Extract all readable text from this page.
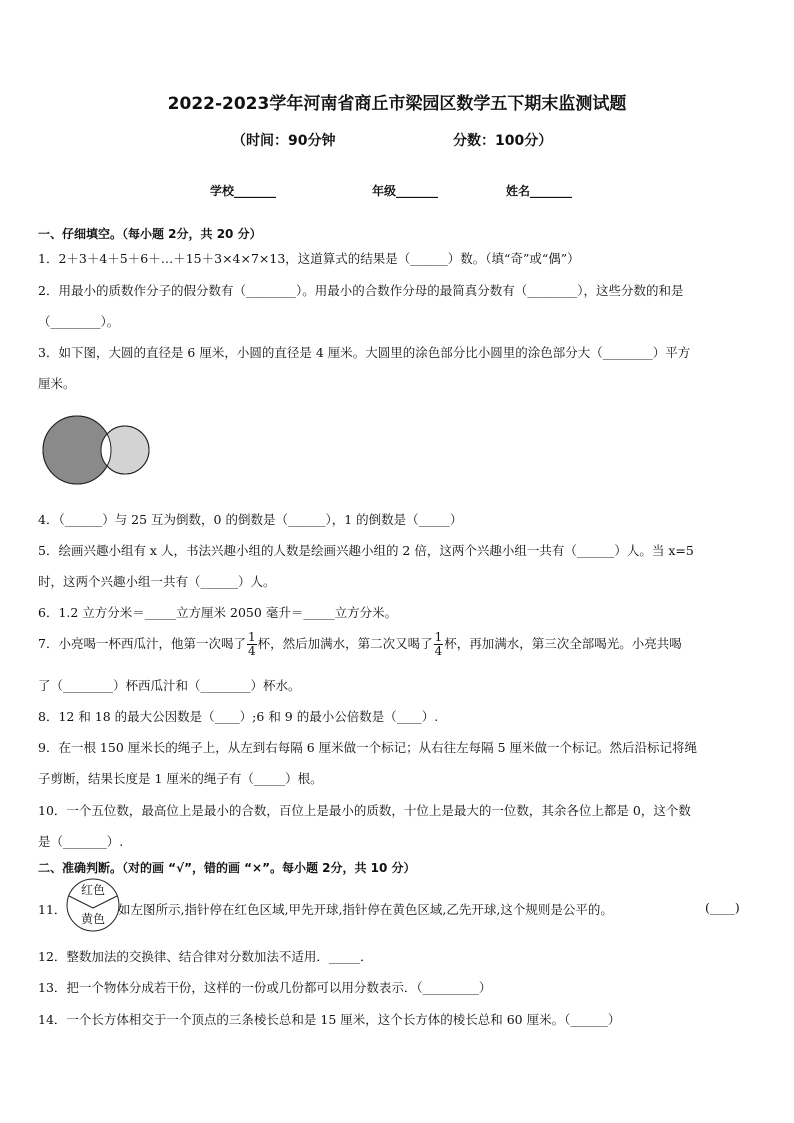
2022-2023学年河南省商丘市梁园区数学五下期末监测试题
（时间：90分钟	分数：100分）
学校_______	年级_______	姓名_______
一、仔细填空。（每小题 2分，共 20 分）
1．2＋3＋4＋5＋6＋…＋15＋3×4×7×13，这道算式的结果是（______）数。（填“奇”或“偶”）
2．用最小的质数作分子的假分数有（________）。用最小的合数作分母的最简真分数有（________），这些分数的和是
（________）。
3．如下图，大圆的直径是 6 厘米，小圆的直径是 4 厘米。大圆里的涂色部分比小圆里的涂色部分大（________）平方
厘米。
4．（______）与 25 互为倒数，0 的倒数是（______），1 的倒数是（_____）
5．绘画兴趣小组有 x 人，书法兴趣小组的人数是绘画兴趣小组的 2 倍，这两个兴趣小组一共有（______）人。当 x=5
时，这两个兴趣小组一共有（______）人。
6．1.2 立方分米＝_____立方厘米 2050 毫升＝_____立方分米。
7．小亮喝一杯西瓜汁，他第一次喝了 $\frac{1}{4}$ 杯，然后加满水，第二次又喝了 $\frac{1}{4}$ 杯，再加满水，第三次全部喝光。小亮共喝
了（________）杯西瓜汁和（________）杯水。
8．12 和 18 的最大公因数是（____）;6 和 9 的最小公倍数是（____）.
9．在一根 150 厘米长的绳子上，从左到右每隔 6 厘米做一个标记；从右往左每隔 5 厘米做一个标记。然后沿标记将绳
子剪断，结果长度是 1 厘米的绳子有（_____）根。
10．一个五位数，最高位上是最小的合数，百位上是最小的质数，十位上是最大的一位数，其余各位上都是 0，这个数
是（_______）.
二、准确判断。（对的画 “√”，错的画 “×”。每小题 2分，共 10 分）
11．	如左图所示,指针停在红色区域,甲先开球,指针停在黄色区域,乙先开球,这个规则是公平的。	(____)
红色
黄色
12．整数加法的交换律、结合律对分数加法不适用．_____．
13．把一个物体分成若干份，这样的一份或几份都可以用分数表示．（_________）
14．一个长方体相交于一个顶点的三条棱长总和是 15 厘米，这个长方体的棱长总和 60 厘米。（______）
